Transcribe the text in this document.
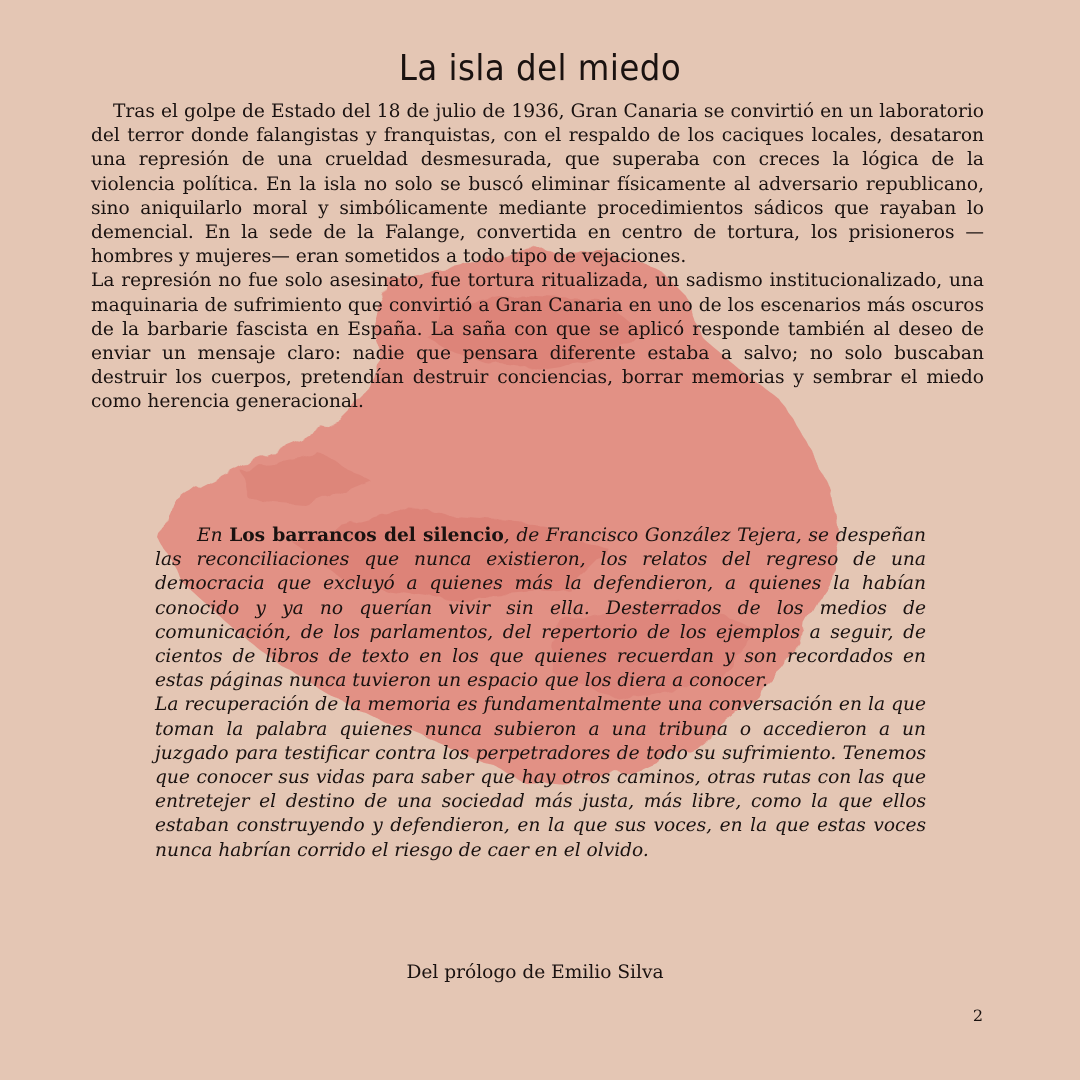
La isla del miedo

Tras el golpe de Estado del 18 de julio de 1936, Gran Canaria se convirtió en un laboratorio del terror donde falangistas y franquistas, con el respaldo de los caciques locales, desataron una represión de una crueldad desmesurada, que superaba con creces la lógica de la violencia política. En la isla no solo se buscó eliminar físicamente al adversario republicano, sino aniquilarlo moral y simbólicamente mediante procedimientos sádicos que rayaban lo demencial. En la sede de la Falange, convertida en centro de tortura, los prisioneros —hombres y mujeres— eran sometidos a todo tipo de vejaciones.

La represión no fue solo asesinato, fue tortura ritualizada, un sadismo institucionalizado, una maquinaria de sufrimiento que convirtió a Gran Canaria en uno de los escenarios más oscuros de la barbarie fascista en España. La saña con que se aplicó responde también al deseo de enviar un mensaje claro: nadie que pensara diferente estaba a salvo; no solo buscaban destruir los cuerpos, pretendían destruir conciencias, borrar memorias y sembrar el miedo como herencia generacional.

En Los barrancos del silencio, de Francisco González Tejera, se despeñan las reconciliaciones que nunca existieron, los relatos del regreso de una democracia que excluyó a quienes más la defendieron, a quienes la habían conocido y ya no querían vivir sin ella. Desterrados de los medios de comunicación, de los parlamentos, del repertorio de los ejemplos a seguir, de cientos de libros de texto en los que quienes recuerdan y son recordados en estas páginas nunca tuvieron un espacio que los diera a conocer.

La recuperación de la memoria es fundamentalmente una conversación en la que toman la palabra quienes nunca subieron a una tribuna o accedieron a un juzgado para testificar contra los perpetradores de todo su sufrimiento. Tenemos que conocer sus vidas para saber que hay otros caminos, otras rutas con las que entretejer el destino de una sociedad más justa, más libre, como la que ellos estaban construyendo y defendieron, en la que sus voces, en la que estas voces nunca habrían corrido el riesgo de caer en el olvido.

Del prólogo de Emilio Silva
2
